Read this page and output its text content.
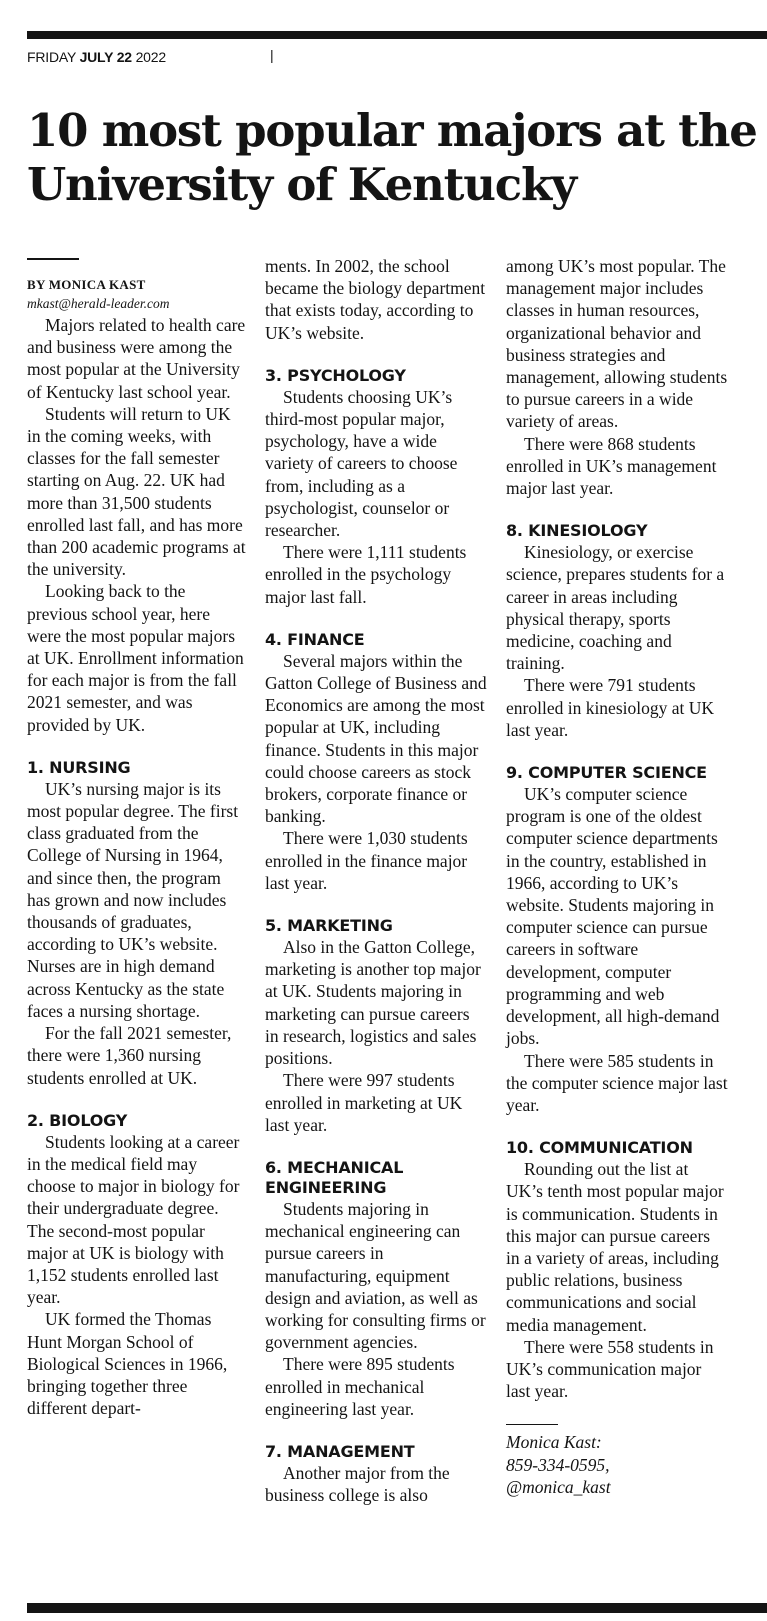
FRIDAY JULY 22 2022	|
10 most popular majors at the University of Kentucky

BY MONICA KAST

mkast@herald-leader.com

Majors related to health care and business were among the most popular at the University of Kentucky last school year.

Students will return to UK in the coming weeks, with classes for the fall semester starting on Aug. 22. UK had more than 31,500 students enrolled last fall, and has more than 200 academic programs at the university.

Looking back to the previous school year, here were the most popular majors at UK. Enrollment information for each major is from the fall 2021 semester, and was provided by UK.

1. NURSING

UK’s nursing major is its most popular degree. The first class graduated from the College of Nursing in 1964, and since then, the program has grown and now includes thousands of graduates, according to UK’s website. Nurses are in high demand across Kentucky as the state faces a nursing shortage.

For the fall 2021 semester, there were 1,360 nursing students enrolled at UK.

2. BIOLOGY

Students looking at a career in the medical field may choose to major in biology for their undergraduate degree. The second-most popular major at UK is biology with 1,152 students enrolled last year.

UK formed the Thomas Hunt Morgan School of Biological Sciences in 1966, bringing together three different depart-

ments. In 2002, the school became the biology department that exists today, according to UK’s website.

3. PSYCHOLOGY

Students choosing UK’s third-most popular major, psychology, have a wide variety of careers to choose from, including as a psychologist, counselor or researcher.

There were 1,111 students enrolled in the psychology major last fall.

4. FINANCE

Several majors within the Gatton College of Business and Economics are among the most popular at UK, including finance. Students in this major could choose careers as stock brokers, corporate finance or banking.

There were 1,030 students enrolled in the finance major last year.

5. MARKETING

Also in the Gatton College, marketing is another top major at UK. Students majoring in marketing can pursue careers in research, logistics and sales positions.

There were 997 students enrolled in marketing at UK last year.

6. MECHANICAL ENGINEERING

Students majoring in mechanical engineering can pursue careers in manufacturing, equipment design and aviation, as well as working for consulting firms or government agencies.

There were 895 students enrolled in mechanical engineering last year.

7. MANAGEMENT

Another major from the business college is also

among UK’s most popular. The management major includes classes in human resources, organizational behavior and business strategies and management, allowing students to pursue careers in a wide variety of areas.

There were 868 students enrolled in UK’s management major last year.

8. KINESIOLOGY

Kinesiology, or exercise science, prepares students for a career in areas including physical therapy, sports medicine, coaching and training.

There were 791 students enrolled in kinesiology at UK last year.

9. COMPUTER SCIENCE

UK’s computer science program is one of the oldest computer science departments in the country, established in 1966, according to UK’s website. Students majoring in computer science can pursue careers in software development, computer programming and web development, all high-demand jobs.

There were 585 students in the computer science major last year.

10. COMMUNICATION

Rounding out the list at UK’s tenth most popular major is communication. Students in this major can pursue careers in a variety of areas, including public relations, business communications and social media management.

There were 558 students in UK’s communication major last year.

Monica Kast:
859-334-0595,
@monica_kast
